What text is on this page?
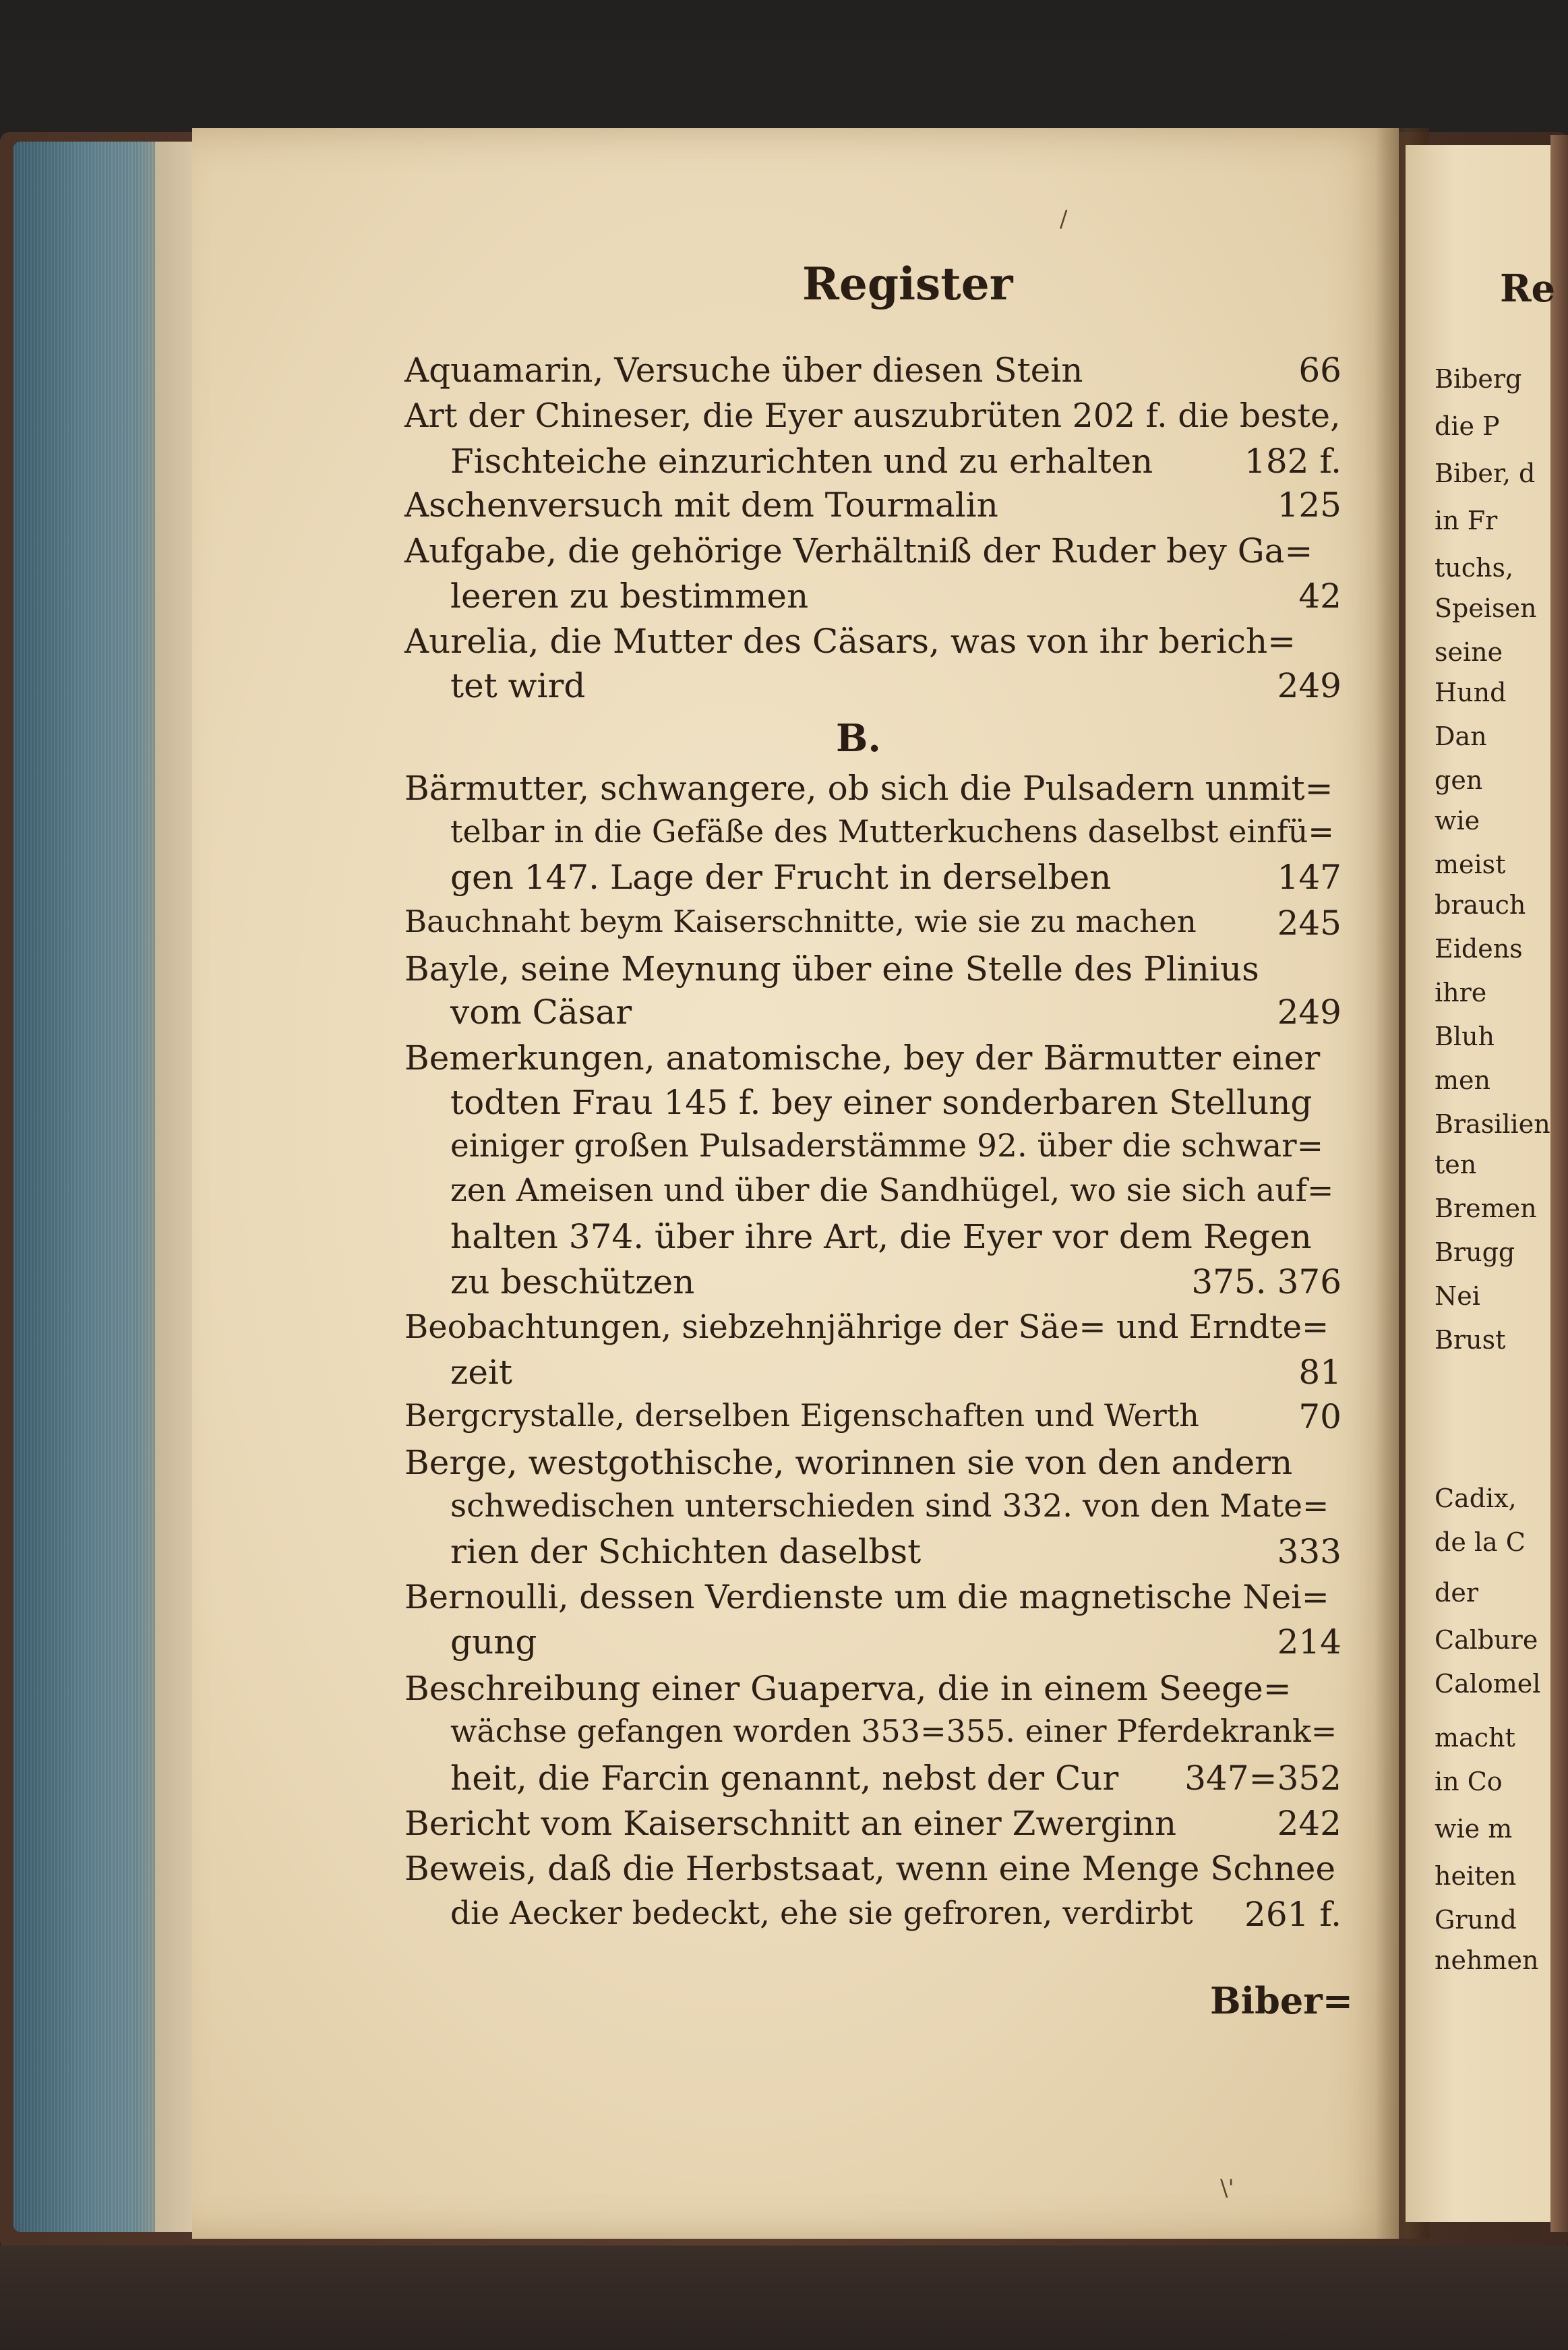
/
\'
Register
Aquamarin, Versuche über diesen Stein	66
Art der Chineser, die Eyer auszubrüten 202 f. die beste,
Fischteiche einzurichten und zu erhalten	182 f.
Aschenversuch mit dem Tourmalin	125
Aufgabe, die gehörige Verhältniß der Ruder bey Ga=
leeren zu bestimmen	42
Aurelia, die Mutter des Cäsars, was von ihr berich=
tet wird	249
Bärmutter, schwangere, ob sich die Pulsadern unmit=
telbar in die Gefäße des Mutterkuchens daselbst einfü=
gen 147. Lage der Frucht in derselben	147
Bauchnaht beym Kaiserschnitte, wie sie zu machen 245
Bayle, seine Meynung über eine Stelle des Plinius
vom Cäsar	249
Bemerkungen, anatomische, bey der Bärmutter einer
todten Frau 145 f. bey einer sonderbaren Stellung
einiger großen Pulsaderstämme 92. über die schwar=
zen Ameisen und über die Sandhügel, wo sie sich auf=
halten 374. über ihre Art, die Eyer vor dem Regen
zu beschützen	375. 376
Beobachtungen, siebzehnjährige der Säe= und Erndte=
zeit	81
Bergcrystalle, derselben Eigenschaften und Werth	70
Berge, westgothische, worinnen sie von den andern
schwedischen unterschieden sind 332. von den Mate=
rien der Schichten daselbst	333
Bernoulli, dessen Verdienste um die magnetische Nei=
gung	214
Beschreibung einer Guaperva, die in einem Seege=
wächse gefangen worden 353=355. einer Pferdekrank=
heit, die Farcin genannt, nebst der Cur 347=352
Bericht vom Kaiserschnitt an einer Zwerginn	242
Beweis, daß die Herbstsaat, wenn eine Menge Schnee
die Aecker bedeckt, ehe sie gefroren, verdirbt 261 f.
B.
Biber=
Re
Biberg
die P
Biber, d
in Fr
tuchs,
Speisen
seine
Hund
Dan
gen
wie
meist
brauch
Eidens
ihre
Bluh
men
Brasilien
ten
Bremen
Brugg
Nei
Brust
Cadix,
de la C
der
Calbure
Calomel
macht
in Co
wie m
heiten
Grund
nehmen
